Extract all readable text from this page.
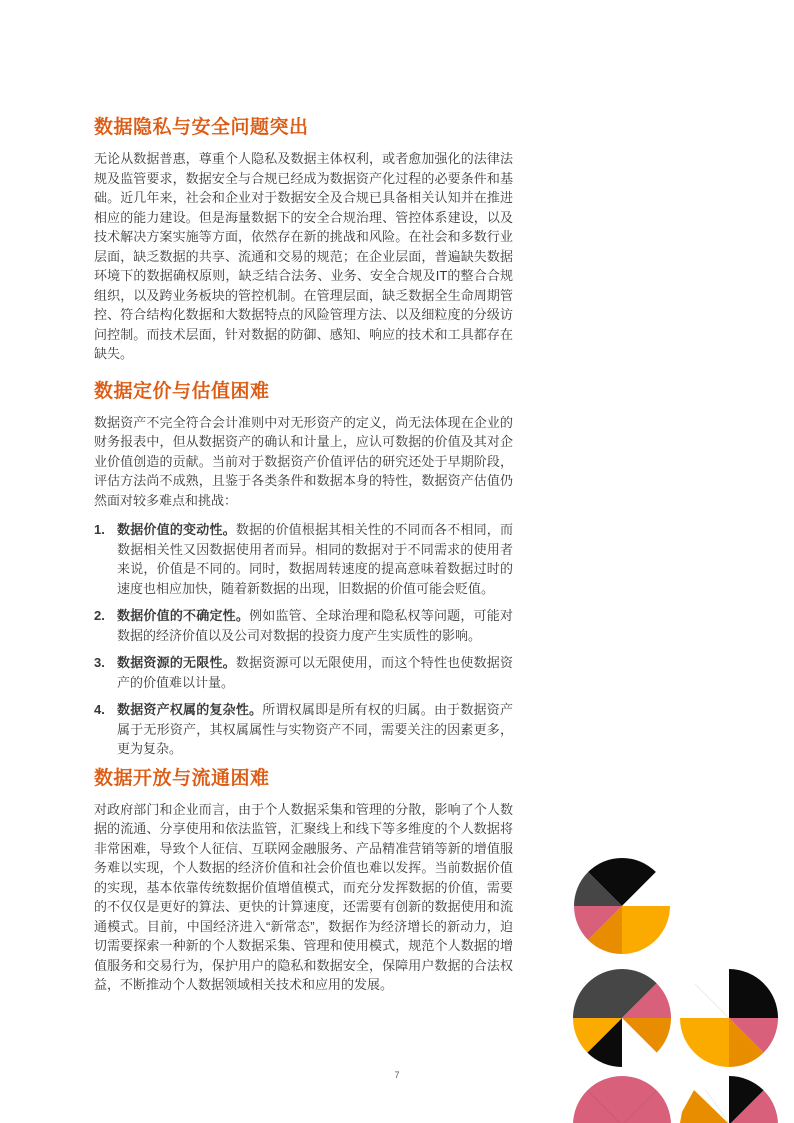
数据隐私与安全问题突出

无论从数据普惠，尊重个人隐私及数据主体权利，或者愈加强化的法律法规及监管要求，数据安全与合规已经成为数据资产化过程的必要条件和基础。近几年来，社会和企业对于数据安全及合规已具备相关认知并在推进相应的能力建设。但是海量数据下的安全合规治理、管控体系建设，以及技术解决方案实施等方面，依然存在新的挑战和风险。在社会和多数行业层面，缺乏数据的共享、流通和交易的规范；在企业层面，普遍缺失数据环境下的数据确权原则，缺乏结合法务、业务、安全合规及IT的整合合规组织，以及跨业务板块的管控机制。在管理层面，缺乏数据全生命周期管控、符合结构化数据和大数据特点的风险管理方法、以及细粒度的分级访问控制。而技术层面，针对数据的防御、感知、响应的技术和工具都存在缺失。

数据定价与估值困难

数据资产不完全符合会计准则中对无形资产的定义，尚无法体现在企业的财务报表中，但从数据资产的确认和计量上，应认可数据的价值及其对企业价值创造的贡献。当前对于数据资产价值评估的研究还处于早期阶段，评估方法尚不成熟，且鉴于各类条件和数据本身的特性，数据资产估值仍然面对较多难点和挑战：

1. 数据价值的变动性。数据的价值根据其相关性的不同而各不相同，而数据相关性又因数据使用者而异。相同的数据对于不同需求的使用者来说，价值是不同的。同时，数据周转速度的提高意味着数据过时的速度也相应加快，随着新数据的出现，旧数据的价值可能会贬值。
2. 数据价值的不确定性。例如监管、全球治理和隐私权等问题，可能对数据的经济价值以及公司对数据的投资力度产生实质性的影响。
3. 数据资源的无限性。数据资源可以无限使用，而这个特性也使数据资产的价值难以计量。
4. 数据资产权属的复杂性。所谓权属即是所有权的归属。由于数据资产属于无形资产，其权属属性与实物资产不同，需要关注的因素更多，更为复杂。
数据开放与流通困难

对政府部门和企业而言，由于个人数据采集和管理的分散，影响了个人数据的流通、分享使用和依法监管，汇聚线上和线下等多维度的个人数据将非常困难，导致个人征信、互联网金融服务、产品精准营销等新的增值服务难以实现，个人数据的经济价值和社会价值也难以发挥。当前数据价值的实现，基本依靠传统数据价值增值模式，而充分发挥数据的价值，需要的不仅仅是更好的算法、更快的计算速度，还需要有创新的数据使用和流通模式。目前，中国经济进入“新常态”，数据作为经济增长的新动力，迫切需要探索一种新的个人数据采集、管理和使用模式，规范个人数据的增值服务和交易行为，保护用户的隐私和数据安全，保障用户数据的合法权益，不断推动个人数据领域相关技术和应用的发展。

7
